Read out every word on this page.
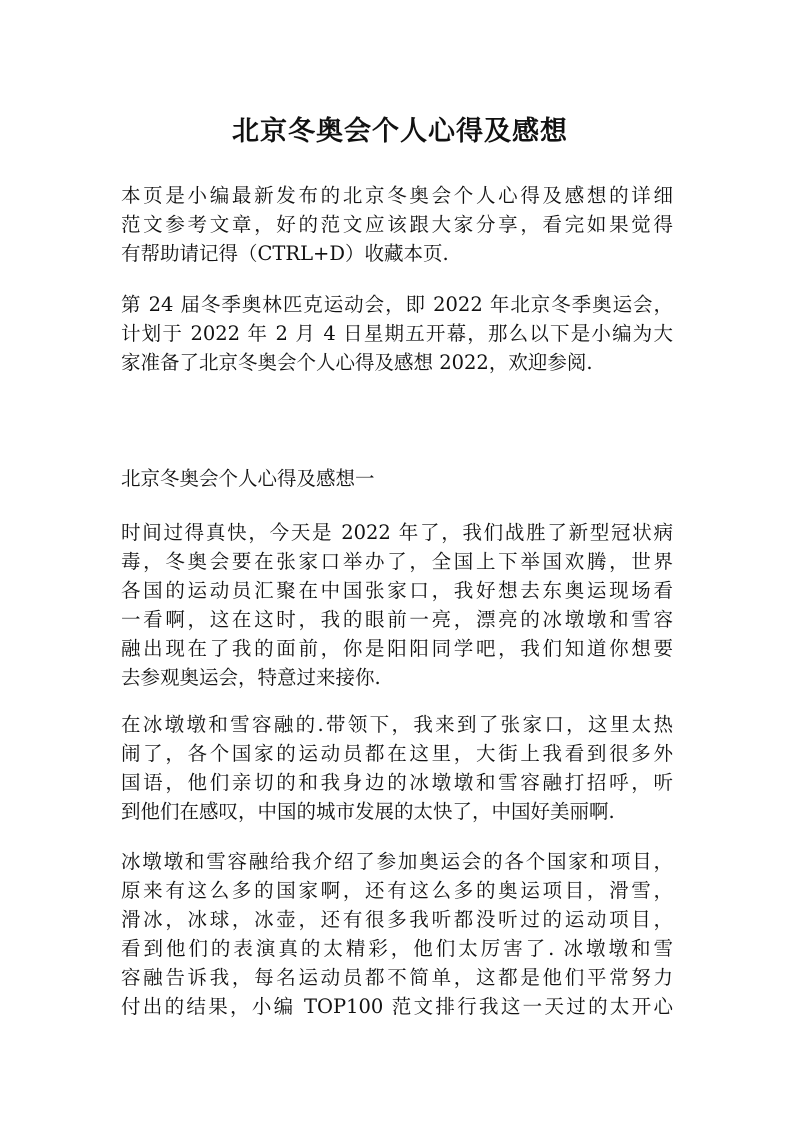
北京冬奥会个人心得及感想
本页是小编最新发布的北京冬奥会个人心得及感想的详细
范文参考文章，好的范文应该跟大家分享，看完如果觉得
有帮助请记得（CTRL+D）收藏本页.
第 24 届冬季奥林匹克运动会，即 2022 年北京冬季奥运会，
计划于 2022 年 2 月 4 日星期五开幕，那么以下是小编为大
家准备了北京冬奥会个人心得及感想 2022，欢迎参阅.
北京冬奥会个人心得及感想一
时间过得真快，今天是 2022 年了，我们战胜了新型冠状病
毒，冬奥会要在张家口举办了，全国上下举国欢腾，世界
各国的运动员汇聚在中国张家口，我好想去东奥运现场看
一看啊，这在这时，我的眼前一亮，漂亮的冰墩墩和雪容
融出现在了我的面前，你是阳阳同学吧，我们知道你想要
去参观奥运会，特意过来接你.
在冰墩墩和雪容融的.带领下，我来到了张家口，这里太热
闹了，各个国家的运动员都在这里，大街上我看到很多外
国语，他们亲切的和我身边的冰墩墩和雪容融打招呼，听
到他们在感叹，中国的城市发展的太快了，中国好美丽啊.
冰墩墩和雪容融给我介绍了参加奥运会的各个国家和项目，
原来有这么多的国家啊，还有这么多的奥运项目，滑雪，
滑冰，冰球，冰壶，还有很多我听都没听过的运动项目，
看到他们的表演真的太精彩，他们太厉害了. 冰墩墩和雪
容融告诉我，每名运动员都不简单，这都是他们平常努力
付出的结果，小编 TOP100 范文排行我这一天过的太开心
